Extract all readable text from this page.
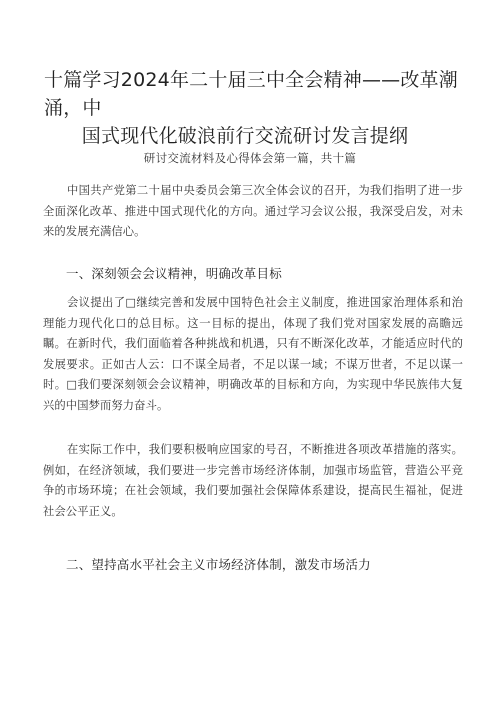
十篇学习2024年二十届三中全会精神——改革潮涌，中
国式现代化破浪前行交流研讨发言提纲
研讨交流材料及心得体会第一篇，共十篇
中国共产党第二十届中央委员会第三次全体会议的召开，为我们指明了进一步全面深化改革、推进中国式现代化的方向。通过学习会议公报，我深受启发，对未来的发展充满信心。
一、深刻领会会议精神，明确改革目标
会议提出了□继续完善和发展中国特色社会主义制度，推进国家治理体系和治理能力现代化口的总目标。这一目标的提出，体现了我们党对国家发展的高瞻远瞩。在新时代，我们面临着各种挑战和机遇，只有不断深化改革，才能适应时代的发展要求。正如古人云：口不谋全局者，不足以谋一域；不谋万世者，不足以谋一时。□我们要深刻领会会议精神，明确改革的目标和方向，为实现中华民族伟大复兴的中国梦而努力奋斗。
在实际工作中，我们要积极响应国家的号召，不断推进各项改革措施的落实。例如，在经济领域，我们要进一步完善市场经济体制，加强市场监管，营造公平竞争的市场环境；在社会领域，我们要加强社会保障体系建设，提高民生福祉，促进社会公平正义。
二、望持高水平社会主义市场经济体制，激发市场活力
